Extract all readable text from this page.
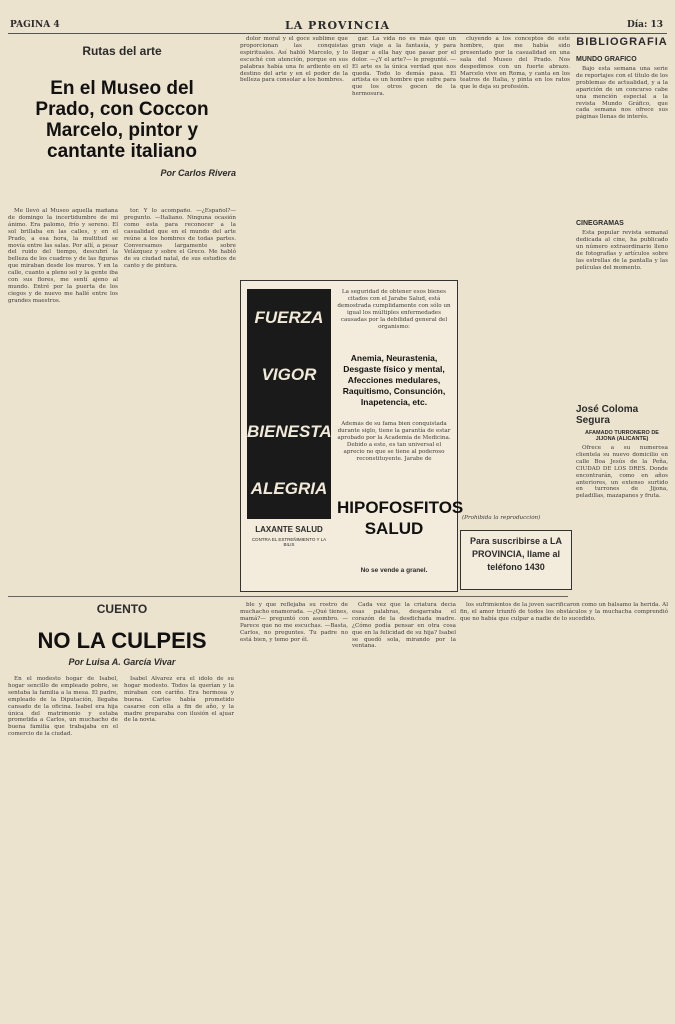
PAGINA 4	LA PROVINCIA	Día: 13
Rutas del arte
En el Museo del
Prado, con Coccon
Marcelo, pintor y
cantante italiano
Por Carlos Rivera

Me llevó al Museo aquella mañana de domingo la incertidumbre de mi ánimo. Era palomo, frío y sereno. El sol brillaba en las calles, y en el Prado, a esa hora, la multitud se movía entre las salas. Por allí, a pesar del ruido del tiempo, descubrí la belleza de los cuadros y de las figuras que miraban desde los muros. Y en la calle, cuanto a pleno sol y la gente iba con sus flores, me sentí ajeno al mundo. Entré por la puerta de los ciegos y de nuevo me hallé entre los grandes maestros.

tor. Y lo acompaño. —¿Español?— pregunto. —Italiano. Ninguna ocasión como esta para reconocer a la casualidad que en el mundo del arte reúne a los hombres de todas partes. Conversamos largamente sobre Velázquez y sobre el Greco. Me habló de su ciudad natal, de sus estudios de canto y de pintura.

dolor moral y el goce sublime que proporcionan las conquistas espirituales. Así habló Marcelo, y lo escuché con atención, porque en sus palabras había una fe ardiente en el destino del arte y en el poder de la belleza para consolar a los hombres.

gar. La vida no es más que un gran viaje a la fantasía, y para llegar a ella hay que pasar por el dolor. —¿Y el arte?— le pregunté. —El arte es la única verdad que nos queda. Todo lo demás pasa. El artista es un hombre que sufre para que los otros gocen de la hermosura.

cluyendo a los conceptos de este hombre, que me había sido presentado por la casualidad en una sala del Museo del Prado. Nos despedimos con un fuerte abrazo. Marcelo vive en Roma, y canta en los teatros de Italia, y pinta en los ratos que le deja su profesión.

(Prohibida la reproducción)
BIBLIOGRAFIA
MUNDO GRAFICO

Bajo esta semana una serie de reportajes con el título de los problemas de actualidad, y a la aparición de un concurso cabe una mención especial a la revista Mundo Gráfico, que cada semana nos ofrece sus páginas llenas de interés.

CINEGRAMAS

Esta popular revista semanal dedicada al cine, ha publicado un número extraordinario lleno de fotografías y artículos sobre las estrellas de la pantalla y las películas del momento.

José Coloma Segura
AFAMADO TURRONERO DE JIJONA (ALICANTE)

Ofrece a su numerosa clientela su nuevo domicilio en calle Boa Jesús de la Peña, CIUDAD DE LOS DRES. Donde encontrarán, como en años anteriores, un extenso surtido en turrones de Jijona, peladillas, mazapanes y fruta.

FUERZA
VIGOR
BIENESTAR
ALEGRIA
LAXANTE SALUD
CONTRA EL ESTREÑIMIENTO Y LA BILIS
La seguridad de obtener esos bienes citados con el Jarabe Salud, está demostrada cumplidamente con sólo un igual los múltiples enfermedades causadas por la debilidad general del organismo:
Anemia, Neurastenia, Desgaste físico y mental, Afecciones medulares, Raquitismo, Consunción, Inapetencia, etc.
Además de su fama bien conquistada durante siglo, tiene la garantía de estar aprobado por la Academia de Medicina. Debido a este, es tan universal el aprecio no que se tiene al poderoso reconstituyente. Jarabe de
HIPOFOSFITOS SALUD
No se vende a granel.
Para suscribirse a LA PROVINCIA, llame al teléfono 1430
CUENTO
NO LA CULPEIS
Por Luisa A. García Vivar

En el modesto hogar de Isabel, hogar sencillo de empleado pobre, se sentaba la familia a la mesa. El padre, empleado de la Diputación, llegaba cansado de la oficina. Isabel era hija única del matrimonio y estaba prometida a Carlos, un muchacho de buena familia que trabajaba en el comercio de la ciudad.

Isabel Álvarez era el ídolo de su hogar modesto. Todos la querían y la miraban con cariño. Era hermosa y buena. Carlos había prometido casarse con ella a fin de año, y la madre preparaba con ilusión el ajuar de la novia.

ble y que reflejaba su rostro de muchacho enamorada. —¿Qué tienes, mamá?— preguntó con asombro. —Parece que no me escuchas. —Basta, Carlos, no preguntes. Tu padre no está bien, y temo por él.

Cada vez que la criatura decía esas palabras, desgarraba el corazón de la desdichada madre. ¿Cómo podía pensar en otra cosa que en la felicidad de su hija? Isabel se quedó sola, mirando por la ventana.

los sufrimientos de la joven sacrificaron como un bálsamo la herida. Al fin, el amor triunfó de todos los obstáculos y la muchacha comprendió que no había que culpar a nadie de lo sucedido.
